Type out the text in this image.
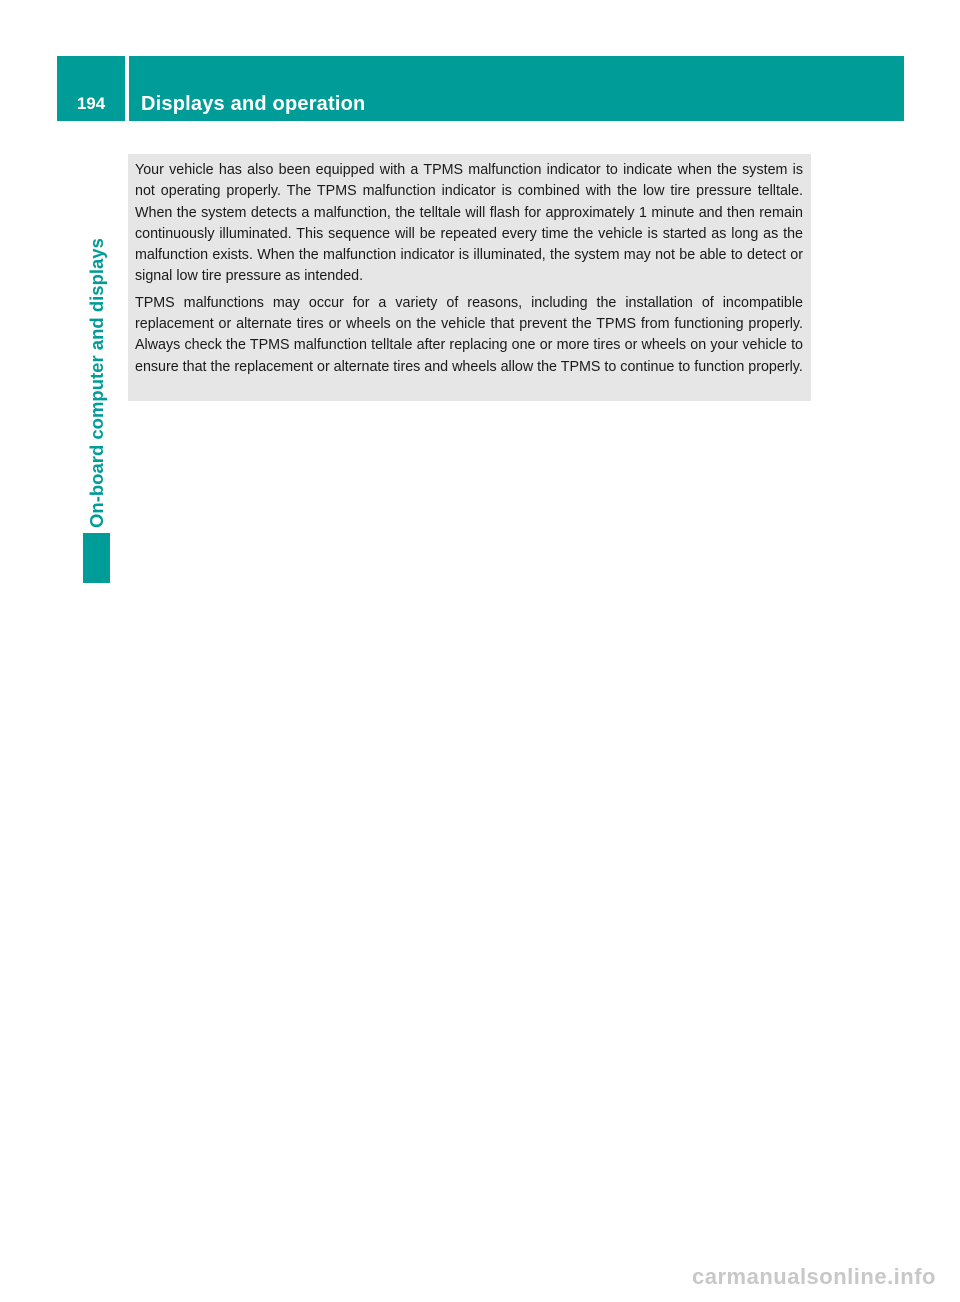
194	Displays and operation
On-board computer and displays

Your vehicle has also been equipped with a TPMS malfunction indicator to indicate when the system is not operating properly. The TPMS malfunction indicator is combined with the low tire pressure telltale. When the system detects a malfunction, the telltale will flash for approximately 1 minute and then remain continuously illuminated. This sequence will be repeated every time the vehicle is started as long as the malfunction exists. When the malfunction indicator is illuminated, the system may not be able to detect or signal low tire pressure as intended.

TPMS malfunctions may occur for a variety of reasons, including the installation of incompatible replacement or alternate tires or wheels on the vehicle that prevent the TPMS from functioning properly. Always check the TPMS malfunction telltale after replacing one or more tires or wheels on your vehicle to ensure that the replacement or alternate tires and wheels allow the TPMS to continue to function properly.

carmanualsonline.info
